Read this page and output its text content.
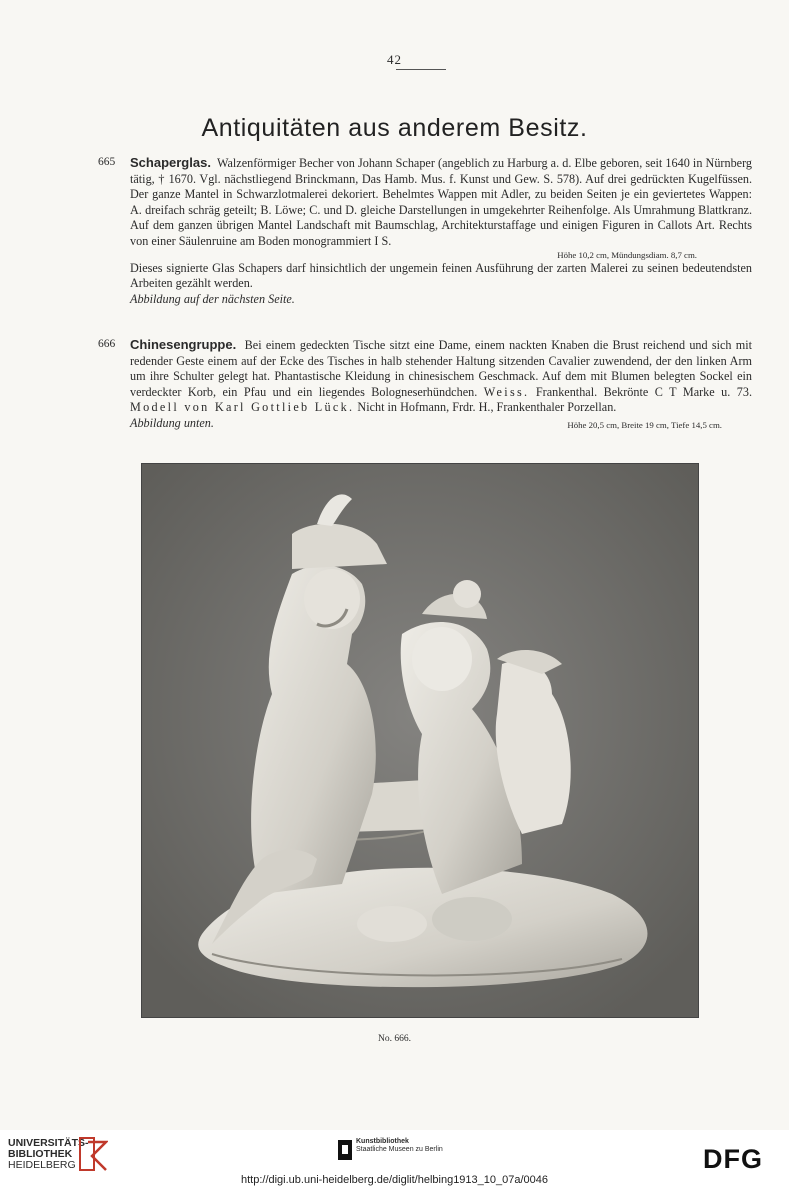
42
Antiquitäten aus anderem Besitz.
665 Schaperglas. Walzenförmiger Becher von Johann Schaper (angeblich zu Harburg a. d. Elbe geboren, seit 1640 in Nürnberg tätig, † 1670. Vgl. nächstliegend Brinckmann, Das Hamb. Mus. f. Kunst und Gew. S. 578). Auf drei gedrückten Kugelfüssen. Der ganze Mantel in Schwarzlotmalerei dekoriert. Behelmtes Wappen mit Adler, zu beiden Seiten je ein geviertetes Wappen: A. dreifach schräg geteilt; B. Löwe; C. und D. gleiche Darstellungen in umgekehrter Reihenfolge. Als Umrahmung Blattkranz. Auf dem ganzen übrigen Mantel Landschaft mit Baumschlag, Architekturstaffage und einigen Figuren in Callots Art. Rechts von einer Säulenruine am Boden monogrammiert I S.

Höhe 10,2 cm, Mündungsdiam. 8,7 cm.

Dieses signierte Glas Schapers darf hinsichtlich der ungemein feinen Ausführung der zarten Malerei zu seinen bedeutendsten Arbeiten gezählt werden.

Abbildung auf der nächsten Seite.

666 Chinesengruppe. Bei einem gedeckten Tische sitzt eine Dame, einem nackten Knaben die Brust reichend und sich mit redender Geste einem auf der Ecke des Tisches in halb stehender Haltung sitzenden Cavalier zuwendend, der den linken Arm um ihre Schulter gelegt hat. Phantastische Kleidung in chinesischem Geschmack. Auf dem mit Blumen belegten Sockel ein verdeckter Korb, ein Pfau und ein liegendes Bologneserhündchen. Weiss. Frankenthal. Bekrönte C T Marke u. 73. Modell von Karl Gottlieb Lück. Nicht in Hofmann, Frdr. H., Frankenthaler Porzellan.

Abbildung unten.	Höhe 20,5 cm, Breite 19 cm, Tiefe 14,5 cm.

No. 666.
UNIVERSITÄTS-
BIBLIOTHEK
HEIDELBERG
Kunstbibliothek
Staatliche Museen zu Berlin	DFG
http://digi.ub.uni-heidelberg.de/diglit/helbing1913_10_07a/0046
